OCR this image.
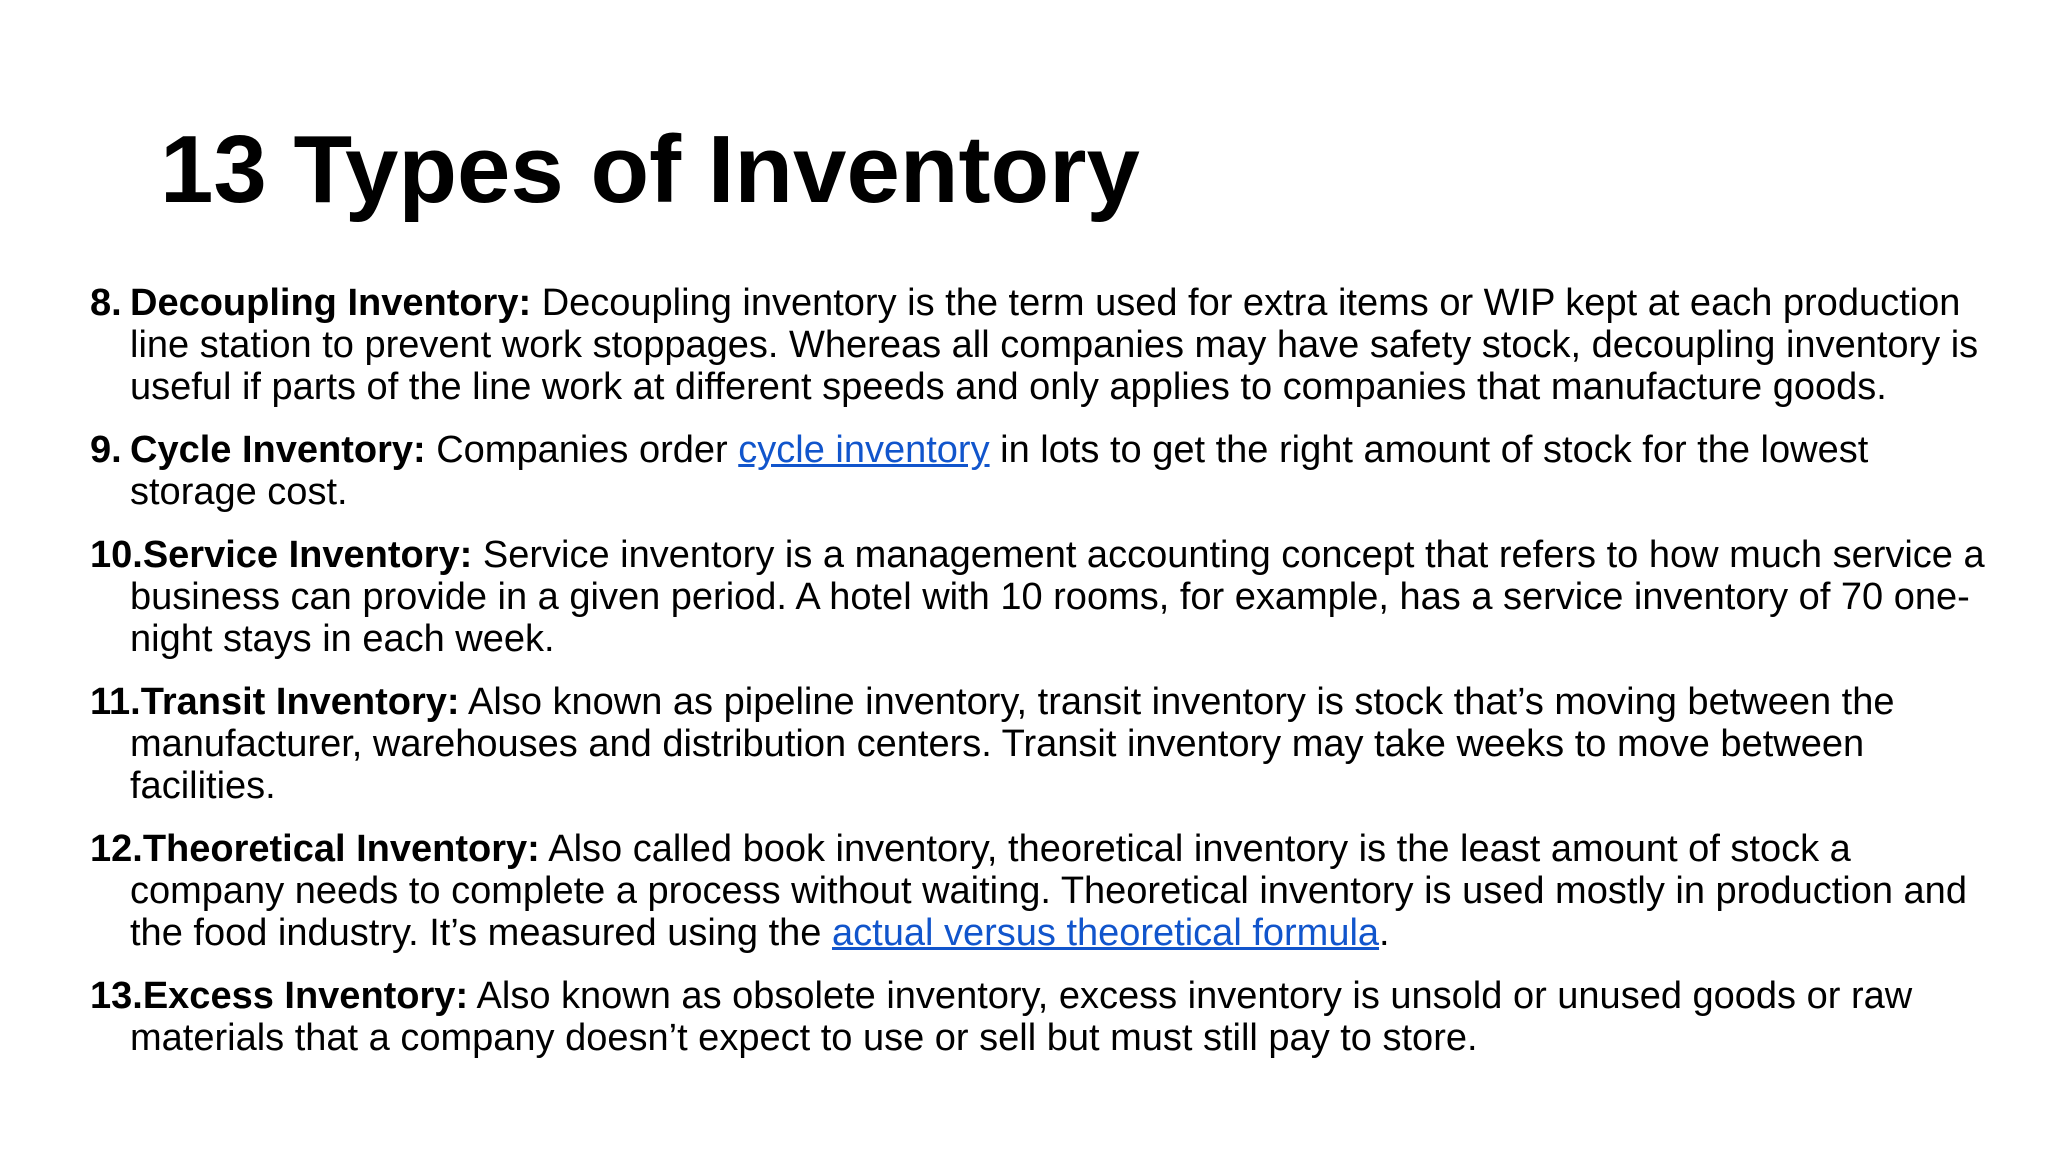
13 Types of Inventory
8. Decoupling Inventory: Decoupling inventory is the term used for extra items or WIP kept at each production line station to prevent work stoppages. Whereas all companies may have safety stock, decoupling inventory is useful if parts of the line work at different speeds and only applies to companies that manufacture goods.
9. Cycle Inventory: Companies order cycle inventory in lots to get the right amount of stock for the lowest storage cost.
10.Service Inventory: Service inventory is a management accounting concept that refers to how much service a business can provide in a given period. A hotel with 10 rooms, for example, has a service inventory of 70 one-night stays in each week.
11.Transit Inventory: Also known as pipeline inventory, transit inventory is stock that’s moving between the manufacturer, warehouses and distribution centers. Transit inventory may take weeks to move between facilities.
12.Theoretical Inventory: Also called book inventory, theoretical inventory is the least amount of stock a company needs to complete a process without waiting. Theoretical inventory is used mostly in production and the food industry. It’s measured using the actual versus theoretical formula.
13.Excess Inventory: Also known as obsolete inventory, excess inventory is unsold or unused goods or raw materials that a company doesn’t expect to use or sell but must still pay to store.
